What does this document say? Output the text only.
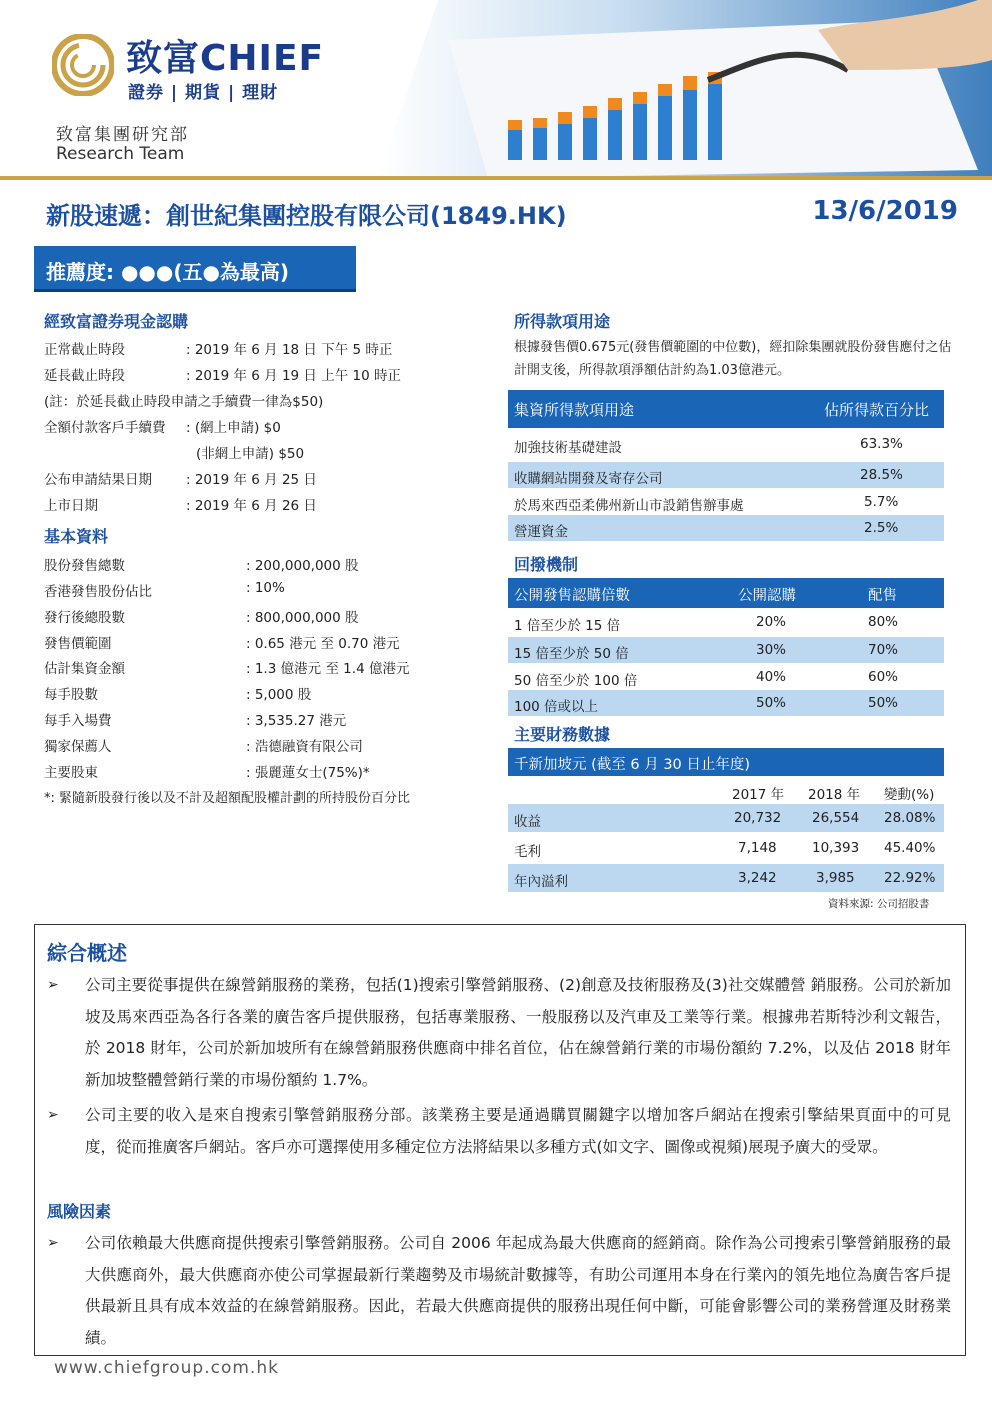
致富CHIEF
證券 | 期貨 | 理財
致富集團研究部
Research Team
新股速遞：創世紀集團控股有限公司(1849.HK)	13/6/2019
推薦度: ●●●(五●為最高)
經致富證券現金認購
正常截止時段	: 2019 年 6 月 18 日 下午 5 時正
延長截止時段	: 2019 年 6 月 19 日 上午 10 時正
(註：於延長截止時段申請之手續費一律為$50)
全額付款客戶手續費 : (網上申請) $0
(非網上申請) $50
公布申請結果日期	: 2019 年 6 月 25 日
上市日期	: 2019 年 6 月 26 日
基本資料
股份發售總數	: 200,000,000 股
香港發售股份佔比	: 10%
發行後總股數	: 800,000,000 股
發售價範圍	: 0.65 港元 至 0.70 港元
估計集資金額	: 1.3 億港元 至 1.4 億港元
每手股數	: 5,000 股
每手入場費	: 3,535.27 港元
獨家保薦人	: 浩德融資有限公司
主要股東	: 張麗蓮女士(75%)*
*: 緊隨新股發行後以及不計及超額配股權計劃的所持股份百分比
所得款項用途
根據發售價0.675元(發售價範圍的中位數)，經扣除集團就股份發售應付之估計開支後，所得款項淨額估計約為1.03億港元。
集資所得款項用途	佔所得款百分比
加強技術基礎建設	63.3%
收購網站開發及寄存公司	28.5%
於馬來西亞柔佛州新山市設銷售辦事處	5.7%
營運資金	2.5%
回撥機制
公開發售認購倍數	公開認購	配售
1 倍至少於 15 倍	20%	80%
15 倍至少於 50 倍	30%	70%
50 倍至少於 100 倍	40%	60%
100 倍或以上	50%	50%
主要財務數據
千新加坡元 (截至 6 月 30 日止年度)
2017 年 2018 年 變動(%)
收益	20,732 26,554 28.08%
毛利	7,148	10,393 45.40%
年內溢利	3,242	3,985 22.92%
資料來源: 公司招股書
綜合概述
➢ 公司主要從事提供在線營銷服務的業務，包括(1)搜索引擎營銷服務、(2)創意及技術服務及(3)社交媒體營 銷服務。公司於新加坡及馬來西亞為各行各業的廣告客戶提供服務，包括專業服務、一般服務以及汽車及工業等行業。根據弗若斯特沙利文報告，於 2018 財年，公司於新加坡所有在線營銷服務供應商中排名首位，佔在線營銷行業的市場份額約 7.2%，以及佔 2018 財年新加坡整體營銷行業的市場份額約 1.7%。
➢ 公司主要的收入是來自搜索引擎營銷服務分部。該業務主要是通過購買關鍵字以增加客戶網站在搜索引擎結果頁面中的可見度，從而推廣客戶網站。客戶亦可選擇使用多種定位方法將結果以多種方式(如文字、圖像或視頻)展現予廣大的受眾。
風險因素
➢ 公司依賴最大供應商提供搜索引擎營銷服務。公司自 2006 年起成為最大供應商的經銷商。除作為公司搜索引擎營銷服務的最大供應商外，最大供應商亦使公司掌握最新行業趨勢及市場統計數據等，有助公司運用本身在行業內的領先地位為廣告客戶提供最新且具有成本效益的在線營銷服務。因此，若最大供應商提供的服務出現任何中斷，可能會影響公司的業務營運及財務業績。
www.chiefgroup.com.hk
